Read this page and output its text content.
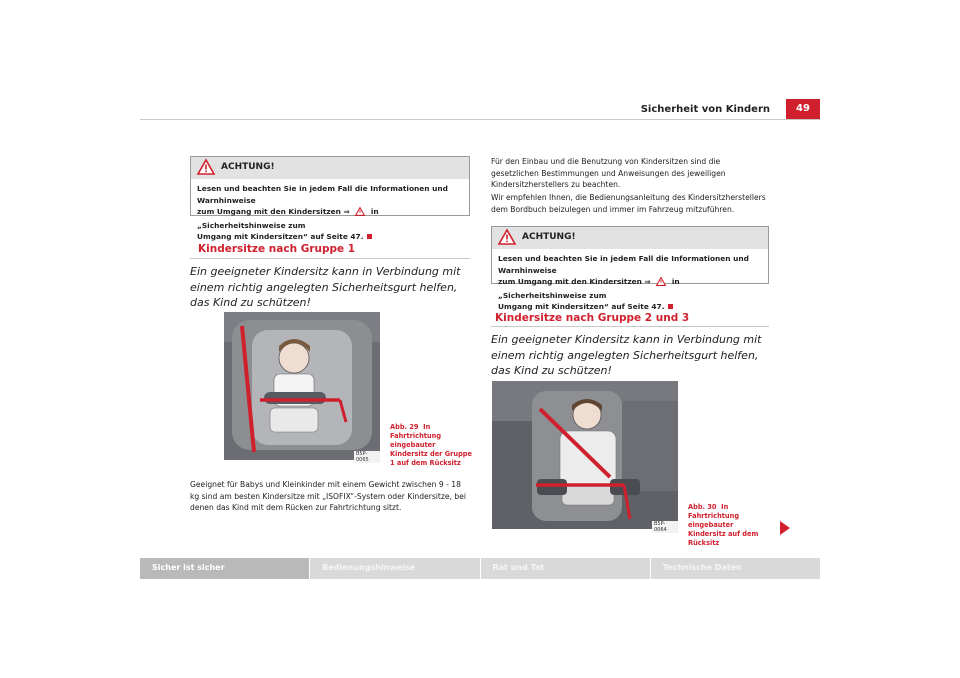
Sicherheit von Kindern	49
ACHTUNG!
Lesen und beachten Sie in jedem Fall die Informationen und Warnhinweise
zum Umgang mit den Kindersitzen ⇒	in „Sicherheitshinweise zum
Umgang mit Kindersitzen“ auf Seite 47.
Kindersitze nach Gruppe 1
Ein geeigneter Kindersitz kann in Verbindung mit einem richtig angelegten Sicherheitsgurt helfen, das Kind zu schützen!
B5P-0065
Abb. 29 In Fahrtrichtung eingebauter Kindersitz der Gruppe 1 auf dem Rücksitz
Geeignet für Babys und Kleinkinder mit einem Gewicht zwischen 9 - 18 kg sind am besten Kindersitze mit „ISOFIX“-System oder Kindersitze, bei denen das Kind mit dem Rücken zur Fahrtrichtung sitzt.
Für den Einbau und die Benutzung von Kindersitzen sind die gesetzlichen Bestimmungen und Anweisungen des jeweiligen Kindersitzherstellers zu beachten.
Wir empfehlen Ihnen, die Bedienungsanleitung des Kindersitzherstellers dem Bordbuch beizulegen und immer im Fahrzeug mitzuführen.
ACHTUNG!
Lesen und beachten Sie in jedem Fall die Informationen und Warnhinweise
zum Umgang mit den Kindersitzen ⇒	in „Sicherheitshinweise zum
Umgang mit Kindersitzen“ auf Seite 47.
Kindersitze nach Gruppe 2 und 3
Ein geeigneter Kindersitz kann in Verbindung mit einem richtig angelegten Sicherheitsgurt helfen, das Kind zu schützen!
B5P-0064
Abb. 30 In Fahrtrichtung eingebauter Kindersitz auf dem Rücksitz
Sicher ist sicher	Bedienungshinweise	Rat und Tat	Technische Daten
